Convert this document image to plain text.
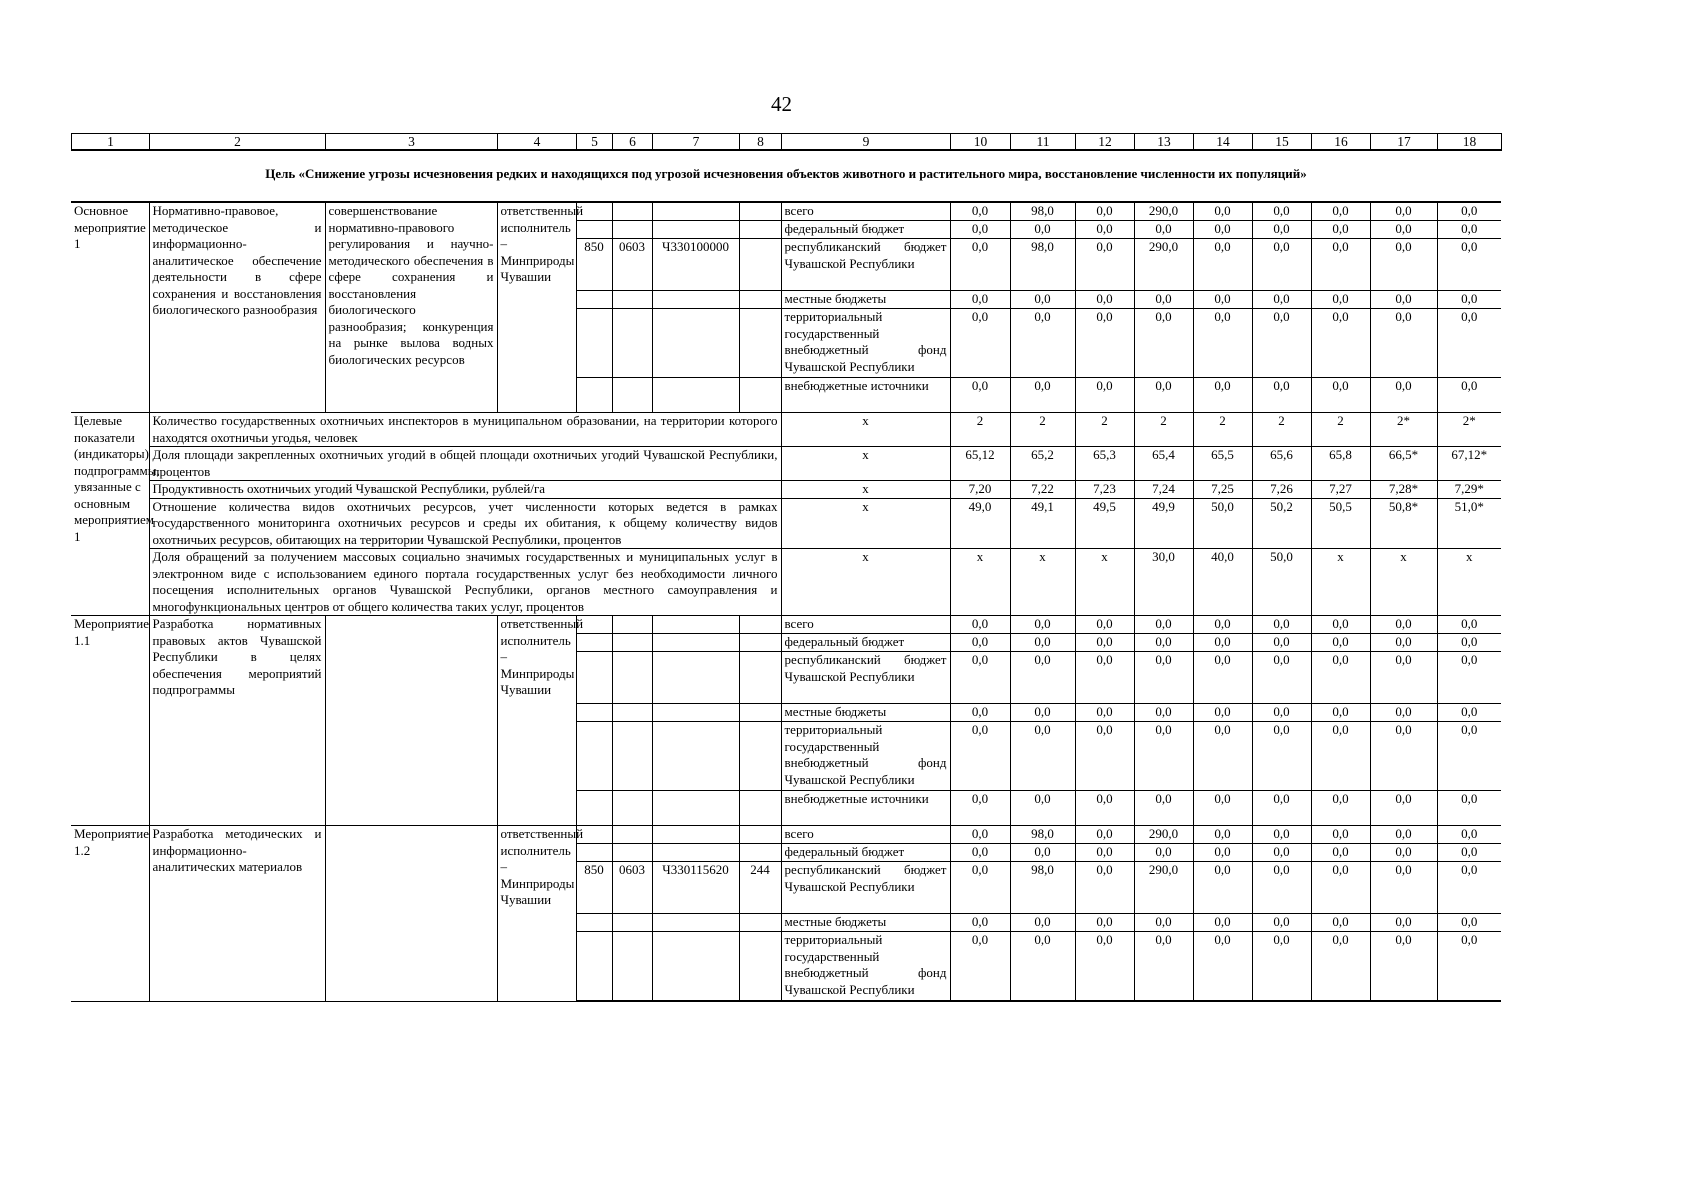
42
1	2	3	4	5	6	7	8	9	10	11	12	13	14	15	16	17	18
Цель «Снижение угрозы исчезновения редких и находящихся под угрозой исчезновения объектов животного и растительного мира, восстановление численности их популяций»
Основное мероприятие 1	Нормативно-правовое, методическое и информационно-аналитическое обеспечение деятельности в сфере сохранения и восстановления биологического разнообразия	совершенствование нормативно-правового регулирования и научно-методического обеспечения в сфере сохранения и восстановления биологического разнообразия; конкуренция на рынке вылова водных биологических ресурсов	ответственный исполнитель – Минприроды Чувашии					всего	0,0	98,0	0,0	290,0	0,0	0,0	0,0	0,0	0,0
								федеральный бюджет	0,0	0,0	0,0	0,0	0,0	0,0	0,0	0,0	0,0
				850	0603	Ч330100000		республиканский бюджет Чувашской Республики	0,0	98,0	0,0	290,0	0,0	0,0	0,0	0,0	0,0
								местные бюджеты	0,0	0,0	0,0	0,0	0,0	0,0	0,0	0,0	0,0
								территориальный государственный внебюджетный фонд Чувашской Республики	0,0	0,0	0,0	0,0	0,0	0,0	0,0	0,0	0,0
								внебюджетные источники	0,0	0,0	0,0	0,0	0,0	0,0	0,0	0,0	0,0
Целевые показатели (индикаторы) подпрограммы, увязанные с основным мероприятием 1	Количество государственных охотничьих инспекторов в муниципальном образовании, на территории которого находятся охотничьи угодья, человек							х	2	2	2	2	2	2	2	2*	2*
	Доля площади закрепленных охотничьих угодий в общей площади охотничьих угодий Чувашской Республики, процентов							х	65,12	65,2	65,3	65,4	65,5	65,6	65,8	66,5*	67,12*
	Продуктивность охотничьих угодий Чувашской Республики, рублей/га							х	7,20	7,22	7,23	7,24	7,25	7,26	7,27	7,28*	7,29*
	Отношение количества видов охотничьих ресурсов, учет численности которых ведется в рамках государственного мониторинга охотничьих ресурсов и среды их обитания, к общему количеству видов охотничьих ресурсов, обитающих на территории Чувашской Республики, процентов							х	49,0	49,1	49,5	49,9	50,0	50,2	50,5	50,8*	51,0*
	Доля обращений за получением массовых социально значимых государственных и муниципальных услуг в электронном виде с использованием единого портала государственных услуг без необходимости личного посещения исполнительных органов Чувашской Республики, органов местного самоуправления и многофункциональных центров от общего количества таких услуг, процентов							х	х	х	х	30,0	40,0	50,0	х	х	х
Мероприятие 1.1	Разработка нормативных правовых актов Чувашской Республики в целях обеспечения мероприятий подпрограммы		ответственный исполнитель – Минприроды Чувашии					всего	0,0	0,0	0,0	0,0	0,0	0,0	0,0	0,0	0,0
								федеральный бюджет	0,0	0,0	0,0	0,0	0,0	0,0	0,0	0,0	0,0
								республиканский бюджет Чувашской Республики	0,0	0,0	0,0	0,0	0,0	0,0	0,0	0,0	0,0
								местные бюджеты	0,0	0,0	0,0	0,0	0,0	0,0	0,0	0,0	0,0
								территориальный государственный внебюджетный фонд Чувашской Республики	0,0	0,0	0,0	0,0	0,0	0,0	0,0	0,0	0,0
								внебюджетные источники	0,0	0,0	0,0	0,0	0,0	0,0	0,0	0,0	0,0
Мероприятие 1.2	Разработка методических и информационно-аналитических материалов		ответственный исполнитель – Минприроды Чувашии					всего	0,0	98,0	0,0	290,0	0,0	0,0	0,0	0,0	0,0
								федеральный бюджет	0,0	0,0	0,0	0,0	0,0	0,0	0,0	0,0	0,0
				850	0603	Ч330115620	244	республиканский бюджет Чувашской Республики	0,0	98,0	0,0	290,0	0,0	0,0	0,0	0,0	0,0
								местные бюджеты	0,0	0,0	0,0	0,0	0,0	0,0	0,0	0,0	0,0
								территориальный государственный внебюджетный фонд Чувашской Республики	0,0	0,0	0,0	0,0	0,0	0,0	0,0	0,0	0,0
